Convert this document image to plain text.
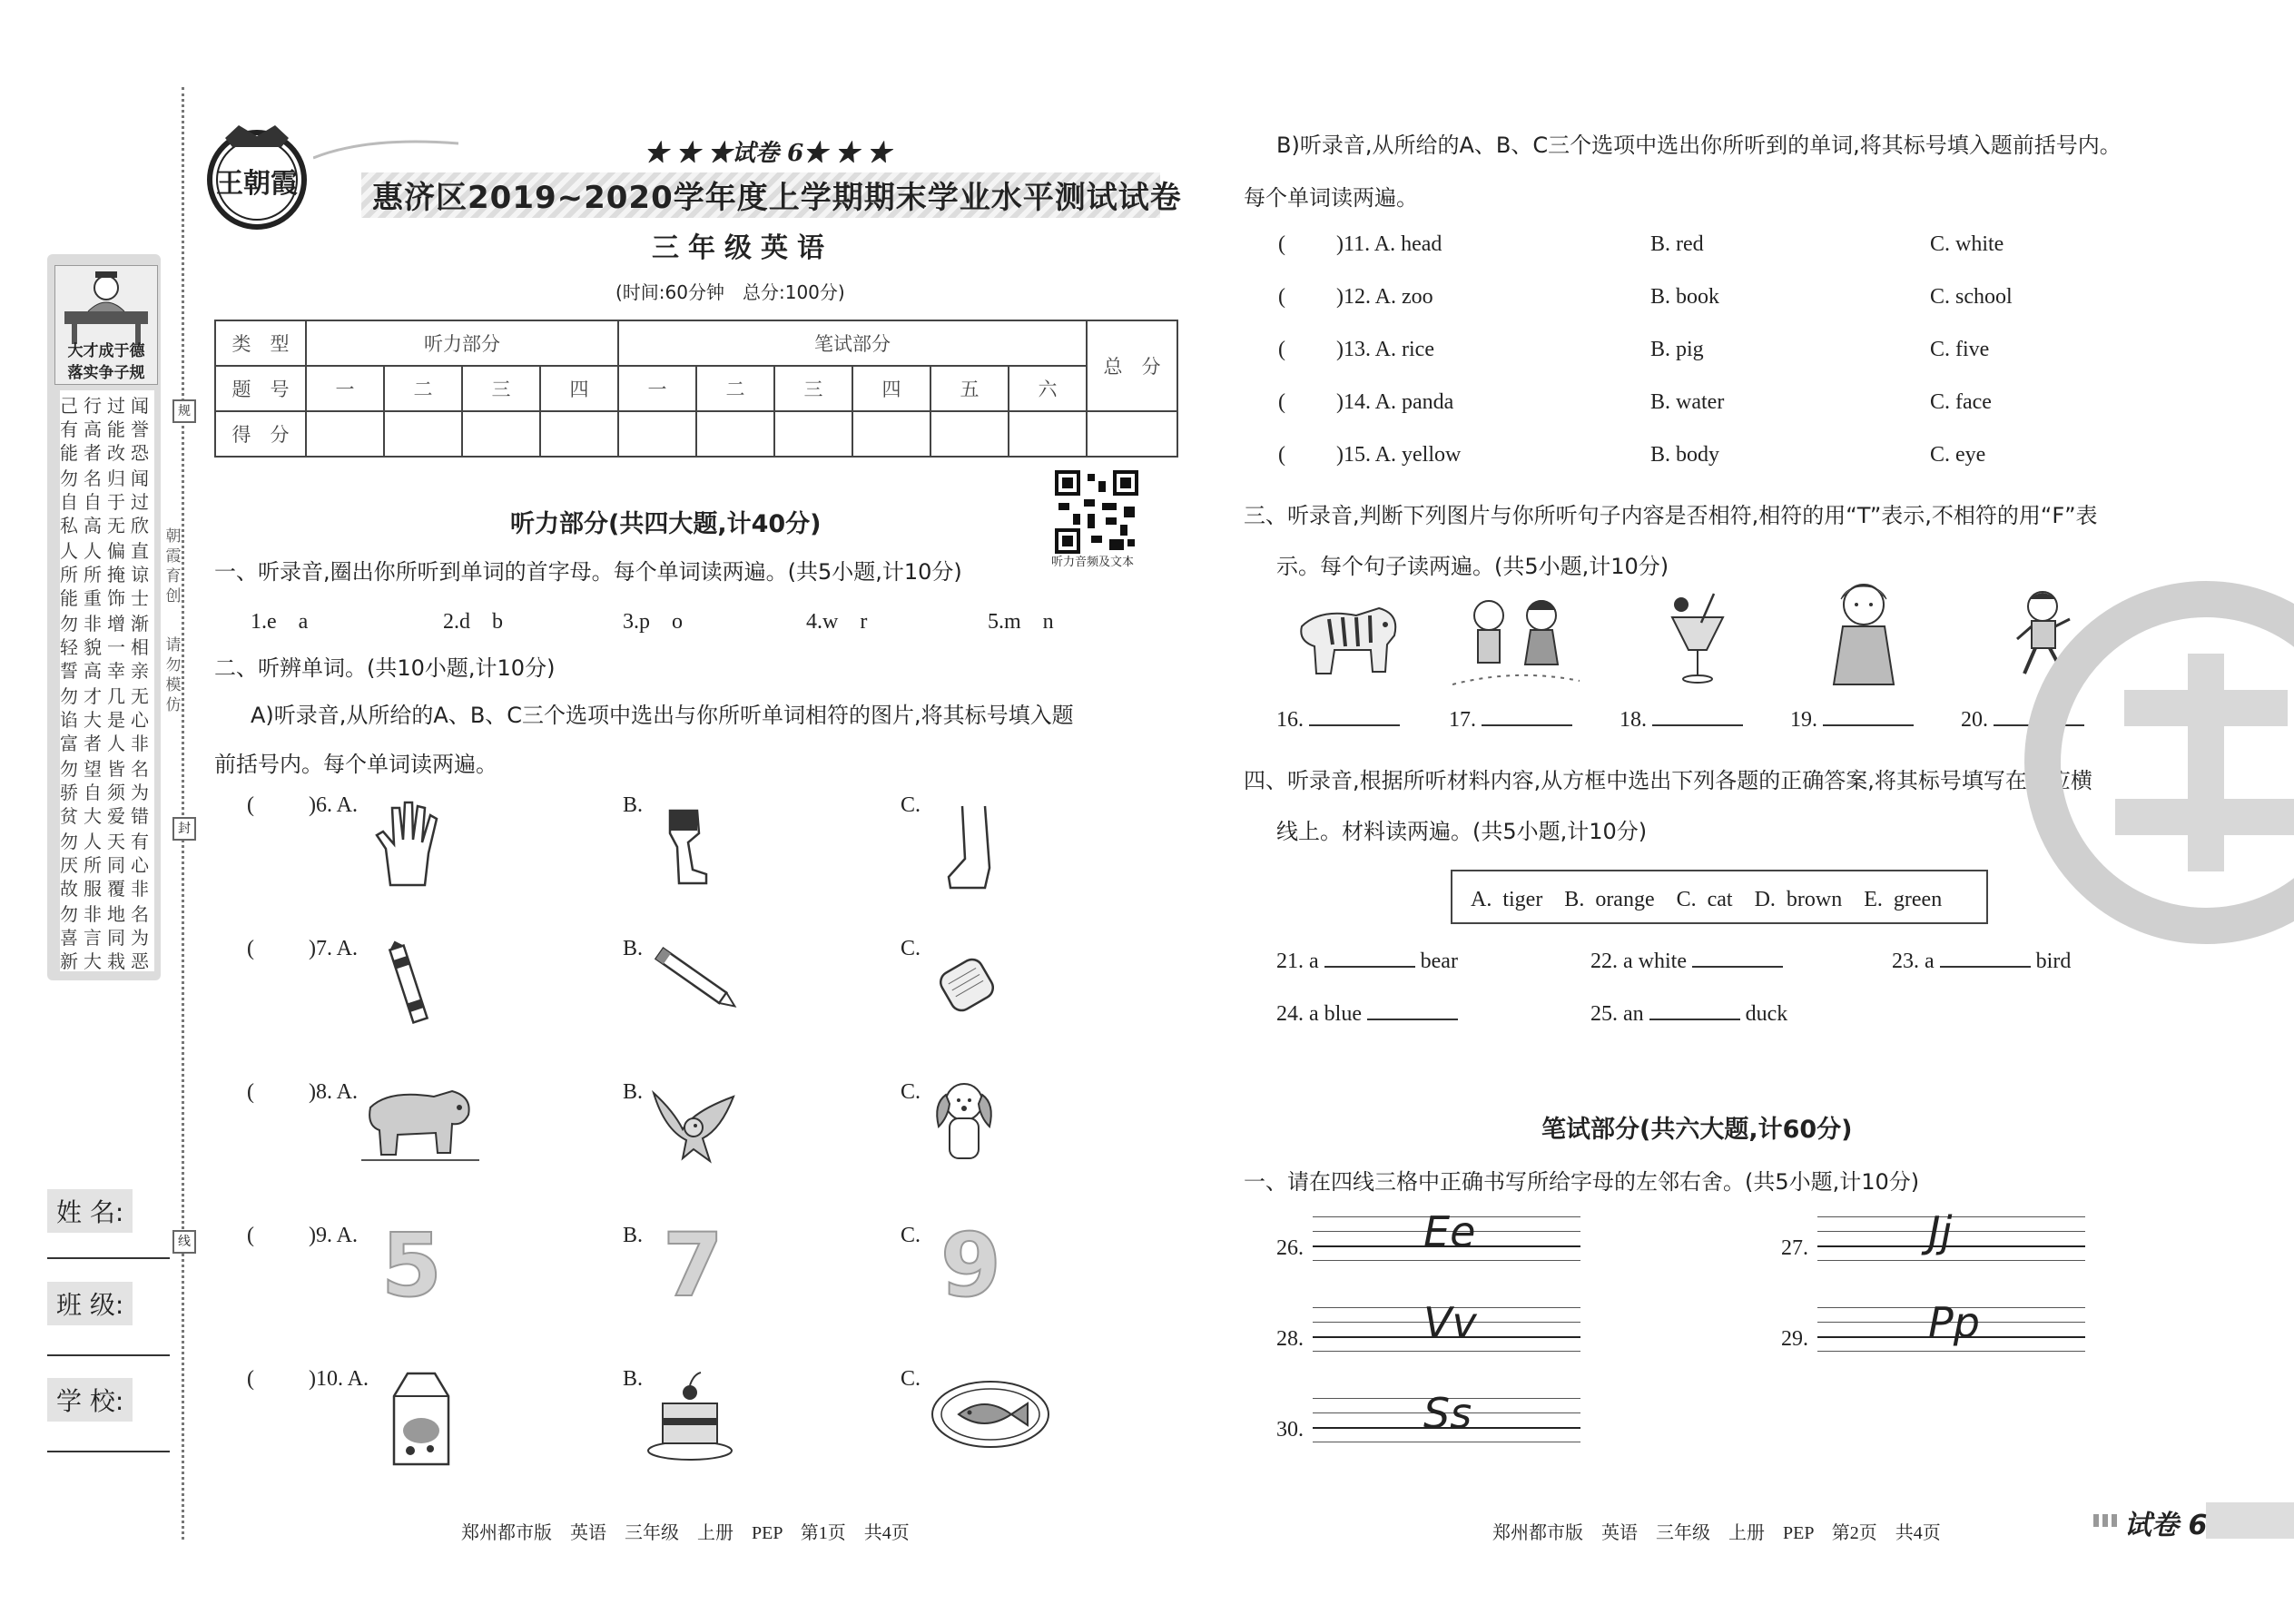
大才成于德
落实争子规
己行过闻 有高能誉 能者改恐
勿名归闻 自自于过 私高无欣
人人偏直 所所掩谅 能重饰士
勿非增渐 轻貌一相 誓高幸亲
勿才几无 谄大是心 富者人非
勿望皆名 骄自须为 贫大爱错
勿人天有 厌所同心 故服覆非
勿非地名 喜言同为 新大栽恶
规
朝霞育创
请勿模仿
封
线
姓 名:
班 级:
学 校:
王朝霞
★ ★ ★试卷 6★ ★ ★
惠济区2019~2020学年度上学期期末学业水平测试试卷
三年级英语
(时间:60分钟　总分:100分)
类　型	听力部分				笔试部分						总　分
题　号	一	二	三	四	一	二	三	四	五	六	
得　分											
听力音频及文本
听力部分(共四大题,计40分)
一、听录音,圈出你所听到单词的首字母。每个单词读两遍。(共5小题,计10分)
1.e　a	2.d　b	3.p　o	4.w　r	5.m　n
二、听辨单词。(共10小题,计10分)
A)听录音,从所给的A、B、C三个选项中选出与你所听单词相符的图片,将其标号填入题
前括号内。每个单词读两遍。
(	)6. A.	B.	C.
(	)7. A.	B.	C.
(	)8. A.	B.	C.
(	)9. A. 5	B. 7	C. 9
(	)10. A.	B.	C.
郑州都市版　英语　三年级　上册　PEP　第1页　共4页
B)听录音,从所给的A、B、C三个选项中选出你所听到的单词,将其标号填入题前括号内。
每个单词读两遍。
( )11. A. head	B. red	C. white
( )12. A. zoo	B. book	C. school
( )13. A. rice	B. pig	C. five
( )14. A. panda	B. water	C. face
( )15. A. yellow	B. body	C. eye
三、听录音,判断下列图片与你所听句子内容是否相符,相符的用“T”表示,不相符的用“F”表
示。每个句子读两遍。(共5小题,计10分)
16.	17.	18.	19.	20.
四、听录音,根据所听材料内容,从方框中选出下列各题的正确答案,将其标号填写在相应横
线上。材料读两遍。(共5小题,计10分)
A. tiger　B. orange　C. cat　D. brown　E. green
21. a	bear	22. a white	23. a	bird
24. a blue	25. an	duck
笔试部分(共六大题,计60分)
一、请在四线三格中正确书写所给字母的左邻右舍。(共5小题,计10分)
26.	Ee	27.	Jj
28.	Vv	29.	Pp
30.	Ss
郑州都市版　英语　三年级　上册　PEP　第2页　共4页	试卷 6
